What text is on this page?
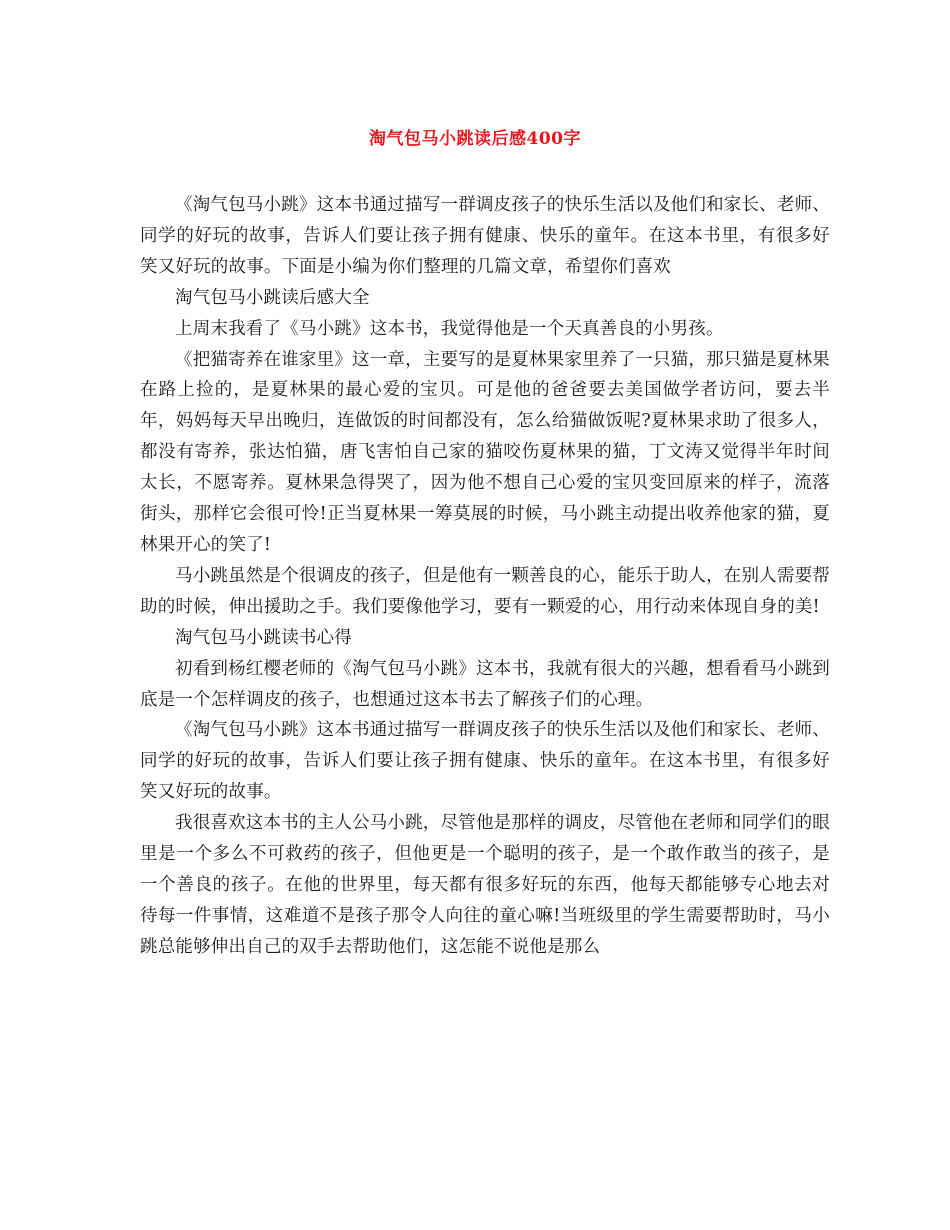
淘气包马小跳读后感400字

《淘气包马小跳》这本书通过描写一群调皮孩子的快乐生活以及他们和家长、老师、同学的好玩的故事，告诉人们要让孩子拥有健康、快乐的童年。在这本书里，有很多好笑又好玩的故事。下面是小编为你们整理的几篇文章，希望你们喜欢

淘气包马小跳读后感大全

上周末我看了《马小跳》这本书，我觉得他是一个天真善良的小男孩。

《把猫寄养在谁家里》这一章，主要写的是夏林果家里养了一只猫，那只猫是夏林果在路上捡的，是夏林果的最心爱的宝贝。可是他的爸爸要去美国做学者访问，要去半年，妈妈每天早出晚归，连做饭的时间都没有，怎么给猫做饭呢?夏林果求助了很多人，都没有寄养，张达怕猫，唐飞害怕自己家的猫咬伤夏林果的猫，丁文涛又觉得半年时间太长，不愿寄养。夏林果急得哭了，因为他不想自己心爱的宝贝变回原来的样子，流落街头，那样它会很可怜!正当夏林果一筹莫展的时候，马小跳主动提出收养他家的猫，夏林果开心的笑了!

马小跳虽然是个很调皮的孩子，但是他有一颗善良的心，能乐于助人，在别人需要帮助的时候，伸出援助之手。我们要像他学习，要有一颗爱的心，用行动来体现自身的美!

淘气包马小跳读书心得

初看到杨红樱老师的《淘气包马小跳》这本书，我就有很大的兴趣，想看看马小跳到底是一个怎样调皮的孩子，也想通过这本书去了解孩子们的心理。

《淘气包马小跳》这本书通过描写一群调皮孩子的快乐生活以及他们和家长、老师、同学的好玩的故事，告诉人们要让孩子拥有健康、快乐的童年。在这本书里，有很多好笑又好玩的故事。

我很喜欢这本书的主人公马小跳，尽管他是那样的调皮，尽管他在老师和同学们的眼里是一个多么不可救药的孩子，但他更是一个聪明的孩子，是一个敢作敢当的孩子，是一个善良的孩子。在他的世界里，每天都有很多好玩的东西，他每天都能够专心地去对待每一件事情，这难道不是孩子那令人向往的童心嘛!当班级里的学生需要帮助时，马小跳总能够伸出自己的双手去帮助他们，这怎能不说他是那么
